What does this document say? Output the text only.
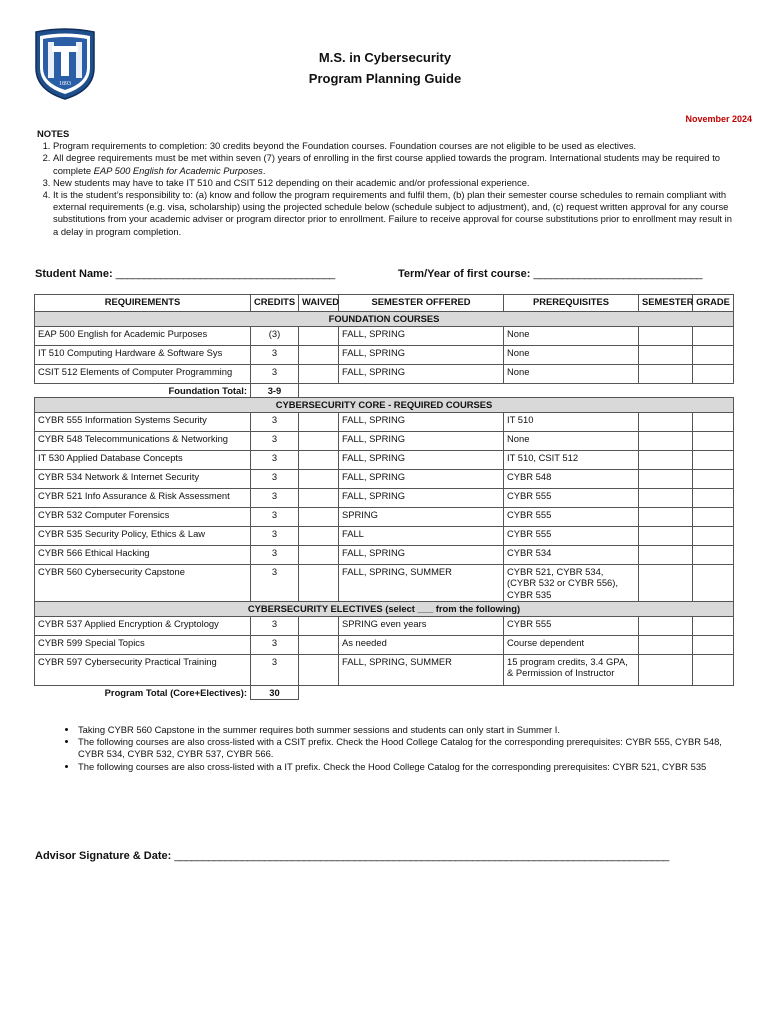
1893
M.S. in Cybersecurity
Program Planning Guide
November 2024
NOTES
1. Program requirements to completion: 30 credits beyond the Foundation courses. Foundation courses are not eligible to be used as electives.
2. All degree requirements must be met within seven (7) years of enrolling in the first course applied towards the program. International students may be required to complete EAP 500 English for Academic Purposes.
3. New students may have to take IT 510 and CSIT 512 depending on their academic and/or professional experience.
4. It is the student’s responsibility to: (a) know and follow the program requirements and fulfil them, (b) plan their semester course schedules to remain compliant with external requirements (e.g. visa, scholarship) using the projected schedule below (schedule subject to adjustment), and, (c) request written approval for any course substitutions from your academic adviser or program director prior to enrollment. Failure to receive approval for course substitutions prior to enrollment may result in a delay in program completion.
Student Name: _______________________________________	Term/Year of first course: ______________________________
REQUIREMENTS	CREDITS	WAIVED	SEMESTER OFFERED	PREREQUISITES	SEMESTER	GRADE
FOUNDATION COURSES						
EAP 500 English for Academic Purposes	(3)		FALL, SPRING	None		
IT 510 Computing Hardware & Software Sys	3		FALL, SPRING	None		
CSIT 512 Elements of Computer Programming	3		FALL, SPRING	None		
Foundation Total:	3-9					
CYBERSECURITY CORE - REQUIRED COURSES						
CYBR 555 Information Systems Security	3		FALL, SPRING	IT 510		
CYBR 548 Telecommunications & Networking	3		FALL, SPRING	None		
IT 530 Applied Database Concepts	3		FALL, SPRING	IT 510, CSIT 512		
CYBR 534 Network & Internet Security	3		FALL, SPRING	CYBR 548		
CYBR 521 Info Assurance & Risk Assessment	3		FALL, SPRING	CYBR 555		
CYBR 532 Computer Forensics	3		SPRING	CYBR 555		
CYBR 535 Security Policy, Ethics & Law	3		FALL	CYBR 555		
CYBR 566 Ethical Hacking	3		FALL, SPRING	CYBR 534		
CYBR 560 Cybersecurity Capstone	3		FALL, SPRING, SUMMER	CYBR 521, CYBR 534, (CYBR 532 or CYBR 556), CYBR 535		
CYBERSECURITY ELECTIVES (select ___ from the following)						
CYBR 537 Applied Encryption & Cryptology	3		SPRING even years	CYBR 555		
CYBR 599 Special Topics	3		As needed	Course dependent		
CYBR 597 Cybersecurity Practical Training	3		FALL, SPRING, SUMMER	15 program credits, 3.4 GPA, & Permission of Instructor		
Program Total (Core+Electives):	30					
• Taking CYBR 560 Capstone in the summer requires both summer sessions and students can only start in Summer I.
• The following courses are also cross-listed with a CSIT prefix. Check the Hood College Catalog for the corresponding prerequisites: CYBR 555, CYBR 548, CYBR 534, CYBR 532, CYBR 537, CYBR 566.
• The following courses are also cross-listed with a IT prefix. Check the Hood College Catalog for the corresponding prerequisites: CYBR 521, CYBR 535
Advisor Signature & Date: ________________________________________________________________________________________
